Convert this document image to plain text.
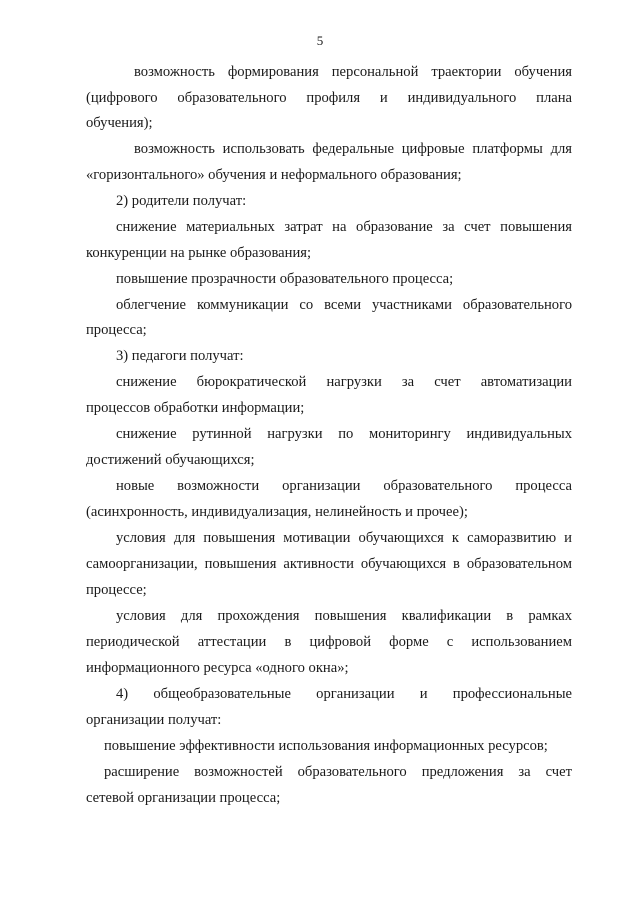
5
возможность формирования персональной траектории обучения
(цифрового образовательного профиля и индивидуального плана
обучения);
возможность использовать федеральные цифровые платформы для
«горизонтального» обучения и неформального образования;
2) родители получат:
снижение материальных затрат на образование за счет повышения
конкуренции на рынке образования;
повышение прозрачности образовательного процесса;
облегчение коммуникации со всеми участниками образовательного
процесса;
3) педагоги получат:
снижение бюрократической нагрузки за счет автоматизации
процессов обработки информации;
снижение рутинной нагрузки по мониторингу индивидуальных
достижений обучающихся;
новые возможности организации образовательного процесса
(асинхронность, индивидуализация, нелинейность и прочее);
условия для повышения мотивации обучающихся к саморазвитию и
самоорганизации, повышения активности обучающихся в образовательном
процессе;
условия для прохождения повышения квалификации в рамках
периодической аттестации в цифровой форме с использованием
информационного ресурса «одного окна»;
4) общеобразовательные организации и профессиональные
организации получат:
повышение эффективности использования информационных ресурсов;
расширение возможностей образовательного предложения за счет
сетевой организации процесса;
